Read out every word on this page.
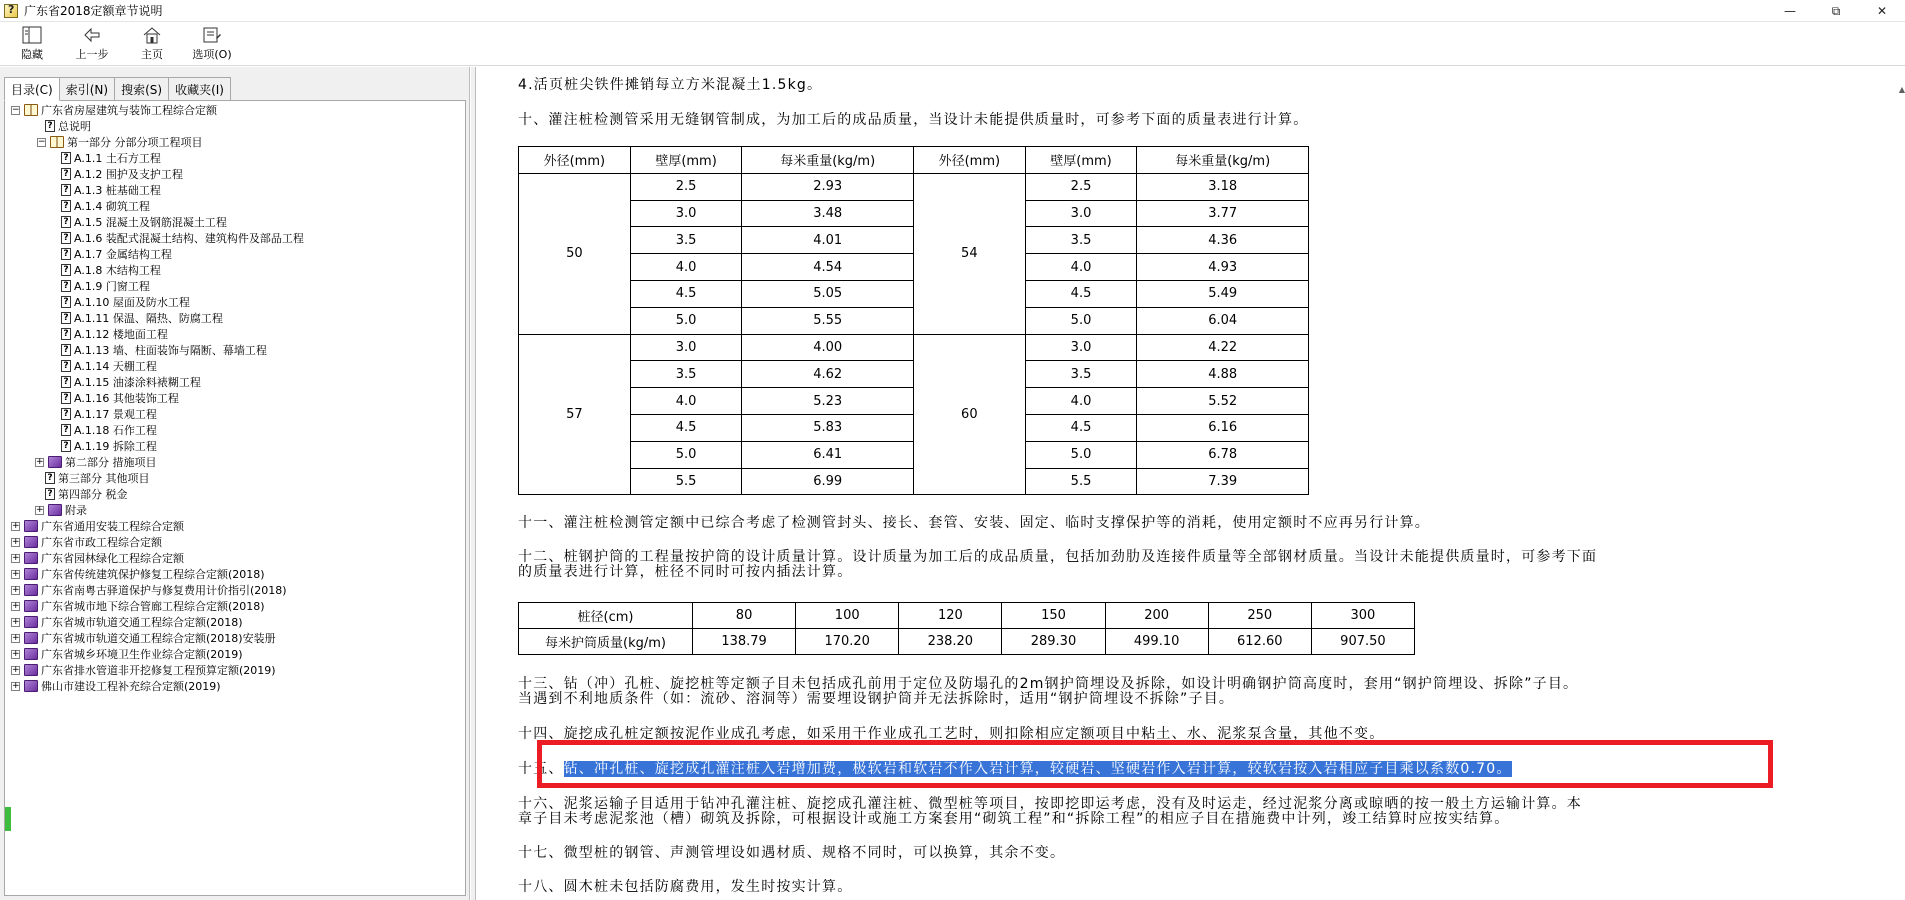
?
广东省2018定额章节说明	—	⧉	✕
隐藏	上一步	主页	选项(O)
目录(C)	索引(N)	搜索(S)	收藏夹(I)
− 广东省房屋建筑与装饰工程综合定额
? 总说明
− 第一部分 分部分项工程项目
? A.1.1 土石方工程
? A.1.2 围护及支护工程
? A.1.3 桩基础工程
? A.1.4 砌筑工程
? A.1.5 混凝土及钢筋混凝土工程
? A.1.6 装配式混凝土结构、建筑构件及部品工程
? A.1.7 金属结构工程
? A.1.8 木结构工程
? A.1.9 门窗工程
? A.1.10 屋面及防水工程
? A.1.11 保温、隔热、防腐工程
? A.1.12 楼地面工程
? A.1.13 墙、柱面装饰与隔断、幕墙工程
? A.1.14 天棚工程
? A.1.15 油漆涂料裱糊工程
? A.1.16 其他装饰工程
? A.1.17 景观工程
? A.1.18 石作工程
? A.1.19 拆除工程
+ 第二部分 措施项目
? 第三部分 其他项目
? 第四部分 税金
+ 附录
+ 广东省通用安装工程综合定额
+ 广东省市政工程综合定额
+ 广东省园林绿化工程综合定额
+ 广东省传统建筑保护修复工程综合定额(2018)
+ 广东省南粤古驿道保护与修复费用计价指引(2018)
+ 广东省城市地下综合管廊工程综合定额(2018)
+ 广东省城市轨道交通工程综合定额(2018)
+ 广东省城市轨道交通工程综合定额(2018)安装册
+ 广东省城乡环境卫生作业综合定额(2019)
+ 广东省排水管道非开挖修复工程预算定额(2019)
+ 佛山市建设工程补充综合定额(2019)
▲
4.活页桩尖铁件摊销每立方米混凝土1.5kg。
十、灌注桩检测管采用无缝钢管制成，为加工后的成品质量，当设计未能提供质量时，可参考下面的质量表进行计算。
外径(mm)	壁厚(mm)	每米重量(kg/m)	外径(mm)	壁厚(mm)	每米重量(kg/m)
50	2.5	2.93	54	2.5	3.18
	3.0	3.48		3.0	3.77
	3.5	4.01		3.5	4.36
	4.0	4.54		4.0	4.93
	4.5	5.05		4.5	5.49
	5.0	5.55		5.0	6.04
57	3.0	4.00	60	3.0	4.22
	3.5	4.62		3.5	4.88
	4.0	5.23		4.0	5.52
	4.5	5.83		4.5	6.16
	5.0	6.41		5.0	6.78
	5.5	6.99		5.5	7.39
十一、灌注桩检测管定额中已综合考虑了检测管封头、接长、套管、安装、固定、临时支撑保护等的消耗，使用定额时不应再另行计算。
十二、桩钢护筒的工程量按护筒的设计质量计算。设计质量为加工后的成品质量，包括加劲肋及连接件质量等全部钢材质量。当设计未能提供质量时，可参考下面
的质量表进行计算，桩径不同时可按内插法计算。
桩径(cm)	80	100	120	150	200	250	300
每米护筒质量(kg/m)	138.79	170.20	238.20	289.30	499.10	612.60	907.50
十三、钻（冲）孔桩、旋挖桩等定额子目未包括成孔前用于定位及防塌孔的2m钢护筒埋设及拆除，如设计明确钢护筒高度时，套用“钢护筒埋设、拆除”子目。
当遇到不利地质条件（如：流砂、溶洞等）需要埋设钢护筒并无法拆除时，适用“钢护筒埋设不拆除”子目。
十四、旋挖成孔桩定额按泥作业成孔考虑，如采用干作业成孔工艺时，则扣除相应定额项目中粘土、水、泥浆泵含量，其他不变。
十五、钻、冲孔桩、旋挖成孔灌注桩入岩增加费，极软岩和软岩不作入岩计算，较硬岩、坚硬岩作入岩计算，较软岩按入岩相应子目乘以系数0.70。
十六、泥浆运输子目适用于钻冲孔灌注桩、旋挖成孔灌注桩、微型桩等项目，按即挖即运考虑，没有及时运走，经过泥浆分离或晾晒的按一般土方运输计算。本
章子目未考虑泥浆池（槽）砌筑及拆除，可根据设计或施工方案套用“砌筑工程”和“拆除工程”的相应子目在措施费中计列，竣工结算时应按实结算。
十七、微型桩的钢管、声测管埋设如遇材质、规格不同时，可以换算，其余不变。
十八、圆木桩未包括防腐费用，发生时按实计算。
